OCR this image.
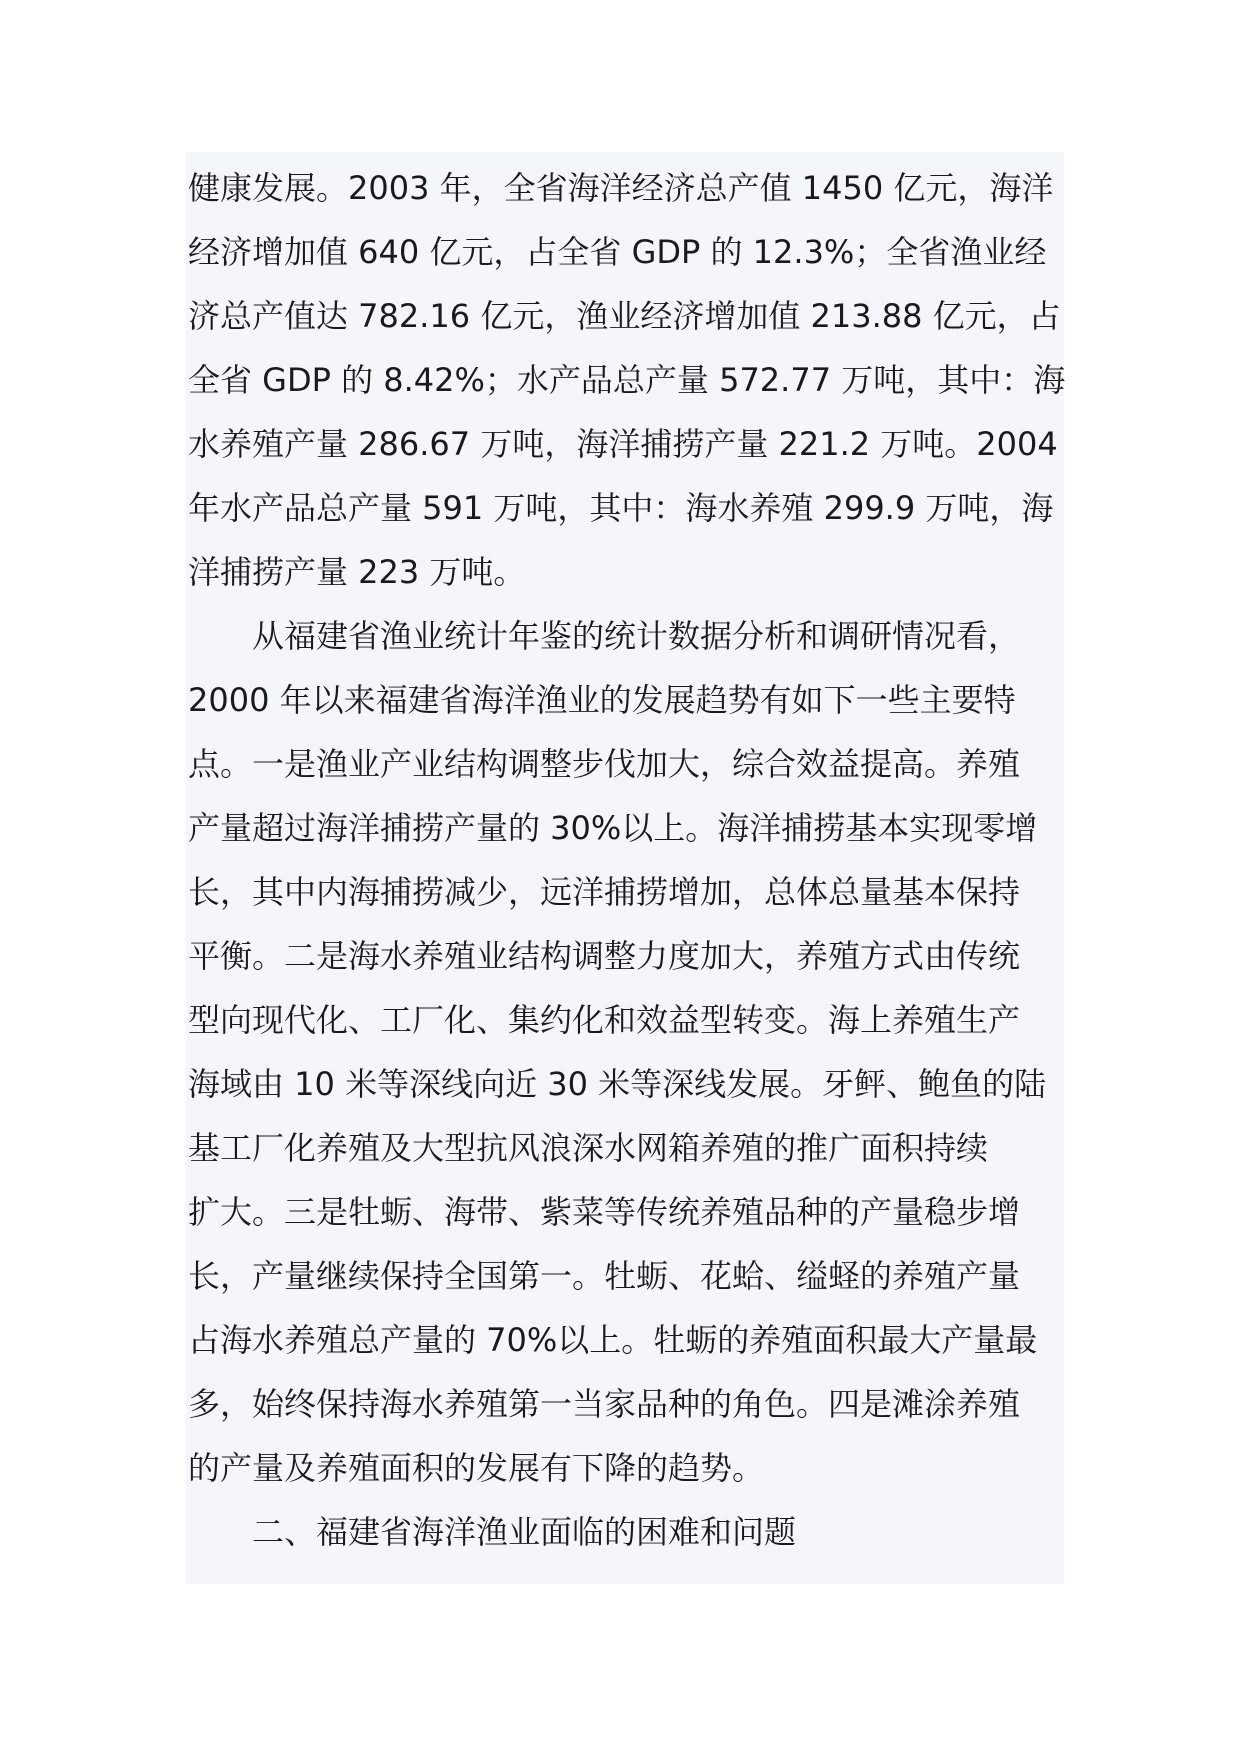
健康发展。2003 年，全省海洋经济总产值 1450 亿元，海洋
经济增加值 640 亿元，占全省 GDP 的 12.3%；全省渔业经
济总产值达 782.16 亿元，渔业经济增加值 213.88 亿元，占
全省 GDP 的 8.42%；水产品总产量 572.77 万吨，其中：海
水养殖产量 286.67 万吨，海洋捕捞产量 221.2 万吨。2004
年水产品总产量 591 万吨，其中：海水养殖 299.9 万吨，海
洋捕捞产量 223 万吨。
　　从福建省渔业统计年鉴的统计数据分析和调研情况看，
2000 年以来福建省海洋渔业的发展趋势有如下一些主要特
点。一是渔业产业结构调整步伐加大，综合效益提高。养殖
产量超过海洋捕捞产量的 30%以上。海洋捕捞基本实现零增
长，其中内海捕捞减少，远洋捕捞增加，总体总量基本保持
平衡。二是海水养殖业结构调整力度加大，养殖方式由传统
型向现代化、工厂化、集约化和效益型转变。海上养殖生产
海域由 10 米等深线向近 30 米等深线发展。牙鲆、鲍鱼的陆
基工厂化养殖及大型抗风浪深水网箱养殖的推广面积持续
扩大。三是牡蛎、海带、紫菜等传统养殖品种的产量稳步增
长，产量继续保持全国第一。牡蛎、花蛤、缢蛏的养殖产量
占海水养殖总产量的 70%以上。牡蛎的养殖面积最大产量最
多，始终保持海水养殖第一当家品种的角色。四是滩涂养殖
的产量及养殖面积的发展有下降的趋势。
　　二、福建省海洋渔业面临的困难和问题
